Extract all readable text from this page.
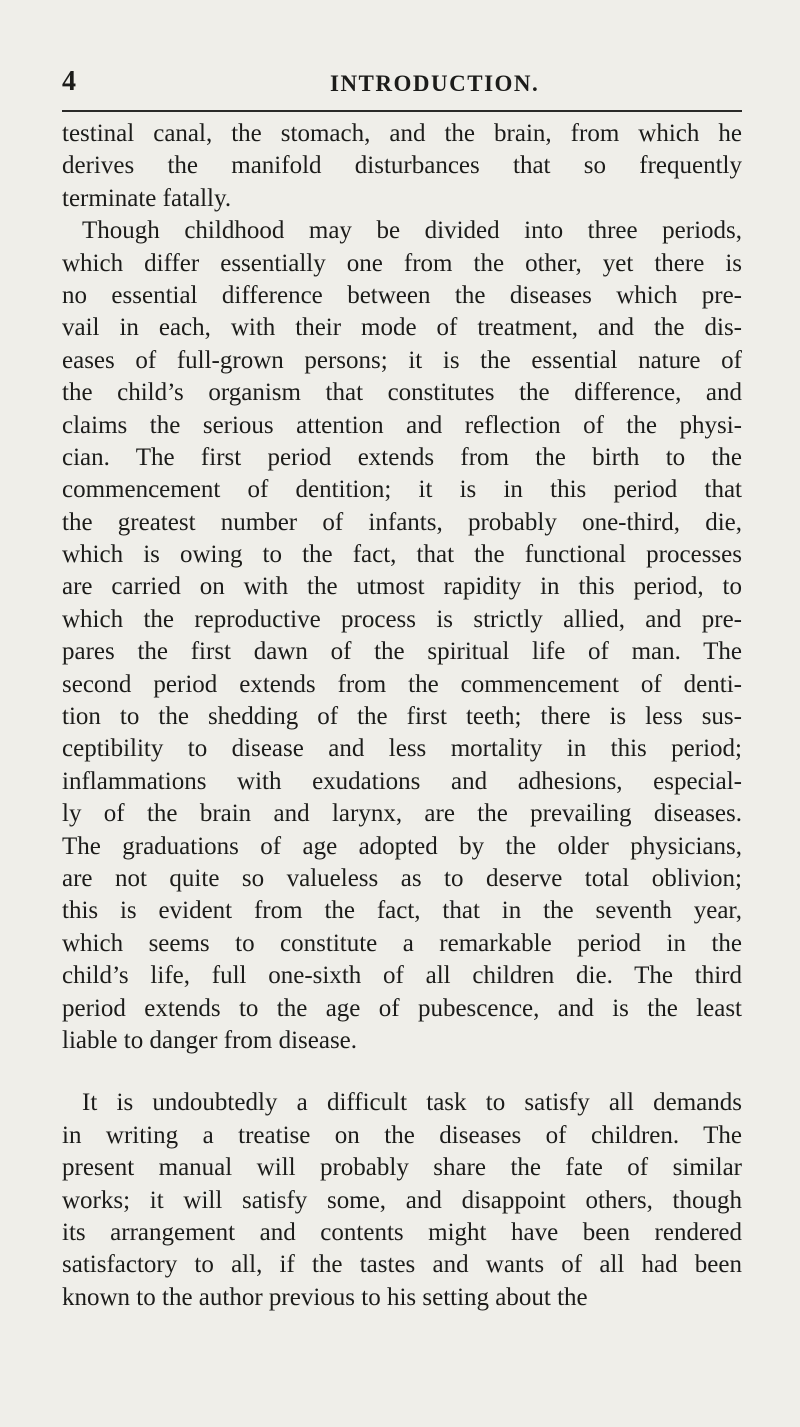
4	INTRODUCTION.
testinal canal, the stomach, and the brain, from which he
derives the manifold disturbances that so frequently
terminate fatally.
Though childhood may be divided into three periods,
which differ essentially one from the other, yet there is
no essential difference between the diseases which pre-
vail in each, with their mode of treatment, and the dis-
eases of full-grown persons; it is the essential nature of
the child’s organism that constitutes the difference, and
claims the serious attention and reflection of the physi-
cian. The first period extends from the birth to the
commencement of dentition; it is in this period that
the greatest number of infants, probably one-third, die,
which is owing to the fact, that the functional processes
are carried on with the utmost rapidity in this period, to
which the reproductive process is strictly allied, and pre-
pares the first dawn of the spiritual life of man. The
second period extends from the commencement of denti-
tion to the shedding of the first teeth; there is less sus-
ceptibility to disease and less mortality in this period;
inflammations with exudations and adhesions, especial-
ly of the brain and larynx, are the prevailing diseases.
The graduations of age adopted by the older physicians,
are not quite so valueless as to deserve total oblivion;
this is evident from the fact, that in the seventh year,
which seems to constitute a remarkable period in the
child’s life, full one-sixth of all children die. The third
period extends to the age of pubescence, and is the least
liable to danger from disease.
It is undoubtedly a difficult task to satisfy all demands
in writing a treatise on the diseases of children. The
present manual will probably share the fate of similar
works; it will satisfy some, and disappoint others, though
its arrangement and contents might have been rendered
satisfactory to all, if the tastes and wants of all had been
known to the author previous to his setting about the
